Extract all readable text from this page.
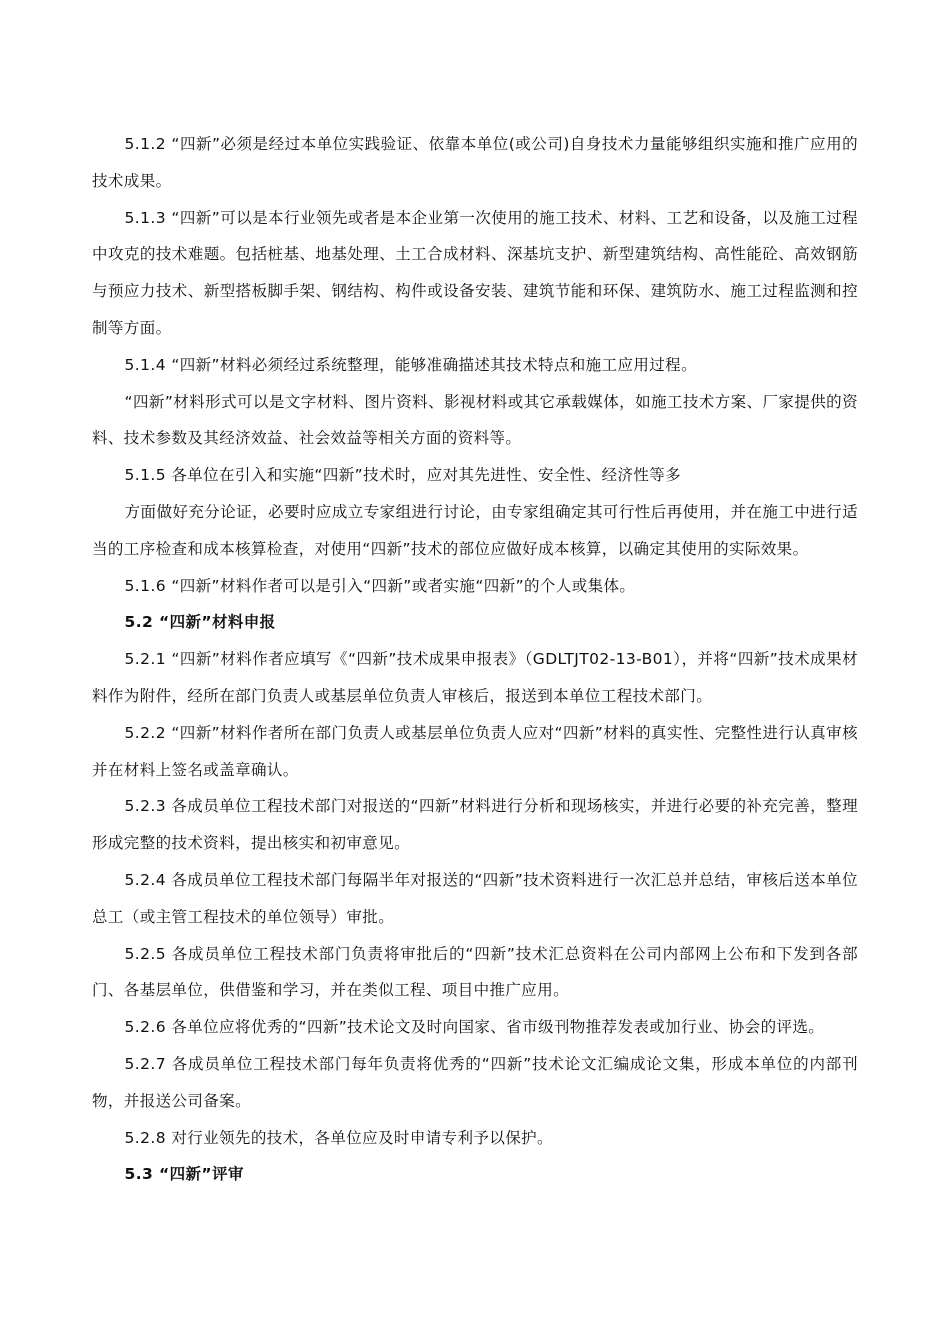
5.1.2 “四新”必须是经过本单位实践验证、依靠本单位(或公司)自身技术力量能够组织实施和推广应用的技术成果。

5.1.3 “四新”可以是本行业领先或者是本企业第一次使用的施工技术、材料、工艺和设备，以及施工过程中攻克的技术难题。包括桩基、地基处理、土工合成材料、深基坑支护、新型建筑结构、高性能砼、高效钢筋与预应力技术、新型搭板脚手架、钢结构、构件或设备安装、建筑节能和环保、建筑防水、施工过程监测和控制等方面。

5.1.4 “四新”材料必须经过系统整理，能够准确描述其技术特点和施工应用过程。

“四新”材料形式可以是文字材料、图片资料、影视材料或其它承载媒体，如施工技术方案、厂家提供的资料、技术参数及其经济效益、社会效益等相关方面的资料等。

5.1.5 各单位在引入和实施“四新”技术时，应对其先进性、安全性、经济性等多

方面做好充分论证，必要时应成立专家组进行讨论，由专家组确定其可行性后再使用，并在施工中进行适当的工序检查和成本核算检查，对使用“四新”技术的部位应做好成本核算，以确定其使用的实际效果。

5.1.6 “四新”材料作者可以是引入“四新”或者实施“四新”的个人或集体。

5.2 “四新”材料申报

5.2.1 “四新”材料作者应填写《“四新”技术成果申报表》（GDLTJT02-13-B01），并将“四新”技术成果材料作为附件，经所在部门负责人或基层单位负责人审核后，报送到本单位工程技术部门。

5.2.2 “四新”材料作者所在部门负责人或基层单位负责人应对“四新”材料的真实性、完整性进行认真审核并在材料上签名或盖章确认。

5.2.3 各成员单位工程技术部门对报送的“四新”材料进行分析和现场核实，并进行必要的补充完善，整理形成完整的技术资料，提出核实和初审意见。

5.2.4 各成员单位工程技术部门每隔半年对报送的“四新”技术资料进行一次汇总并总结，审核后送本单位总工（或主管工程技术的单位领导）审批。

5.2.5 各成员单位工程技术部门负责将审批后的“四新”技术汇总资料在公司内部网上公布和下发到各部门、各基层单位，供借鉴和学习，并在类似工程、项目中推广应用。

5.2.6 各单位应将优秀的“四新”技术论文及时向国家、省市级刊物推荐发表或加行业、协会的评选。

5.2.7 各成员单位工程技术部门每年负责将优秀的“四新”技术论文汇编成论文集，形成本单位的内部刊物，并报送公司备案。

5.2.8 对行业领先的技术，各单位应及时申请专利予以保护。

5.3 “四新”评审
